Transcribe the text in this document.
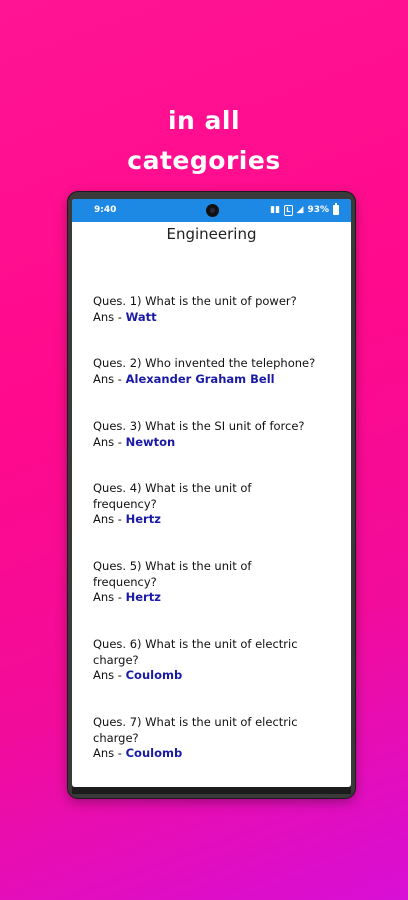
in all
categories
9:40	▮▮ L ◢ 93%
Engineering
Ques. 1) What is the unit of power?
Ans - Watt
Ques. 2) Who invented the telephone?
Ans - Alexander Graham Bell
Ques. 3) What is the SI unit of force?
Ans - Newton
Ques. 4) What is the unit of frequency?
Ans - Hertz
Ques. 5) What is the unit of frequency?
Ans - Hertz
Ques. 6) What is the unit of electric charge?
Ans - Coulomb
Ques. 7) What is the unit of electric charge?
Ans - Coulomb
